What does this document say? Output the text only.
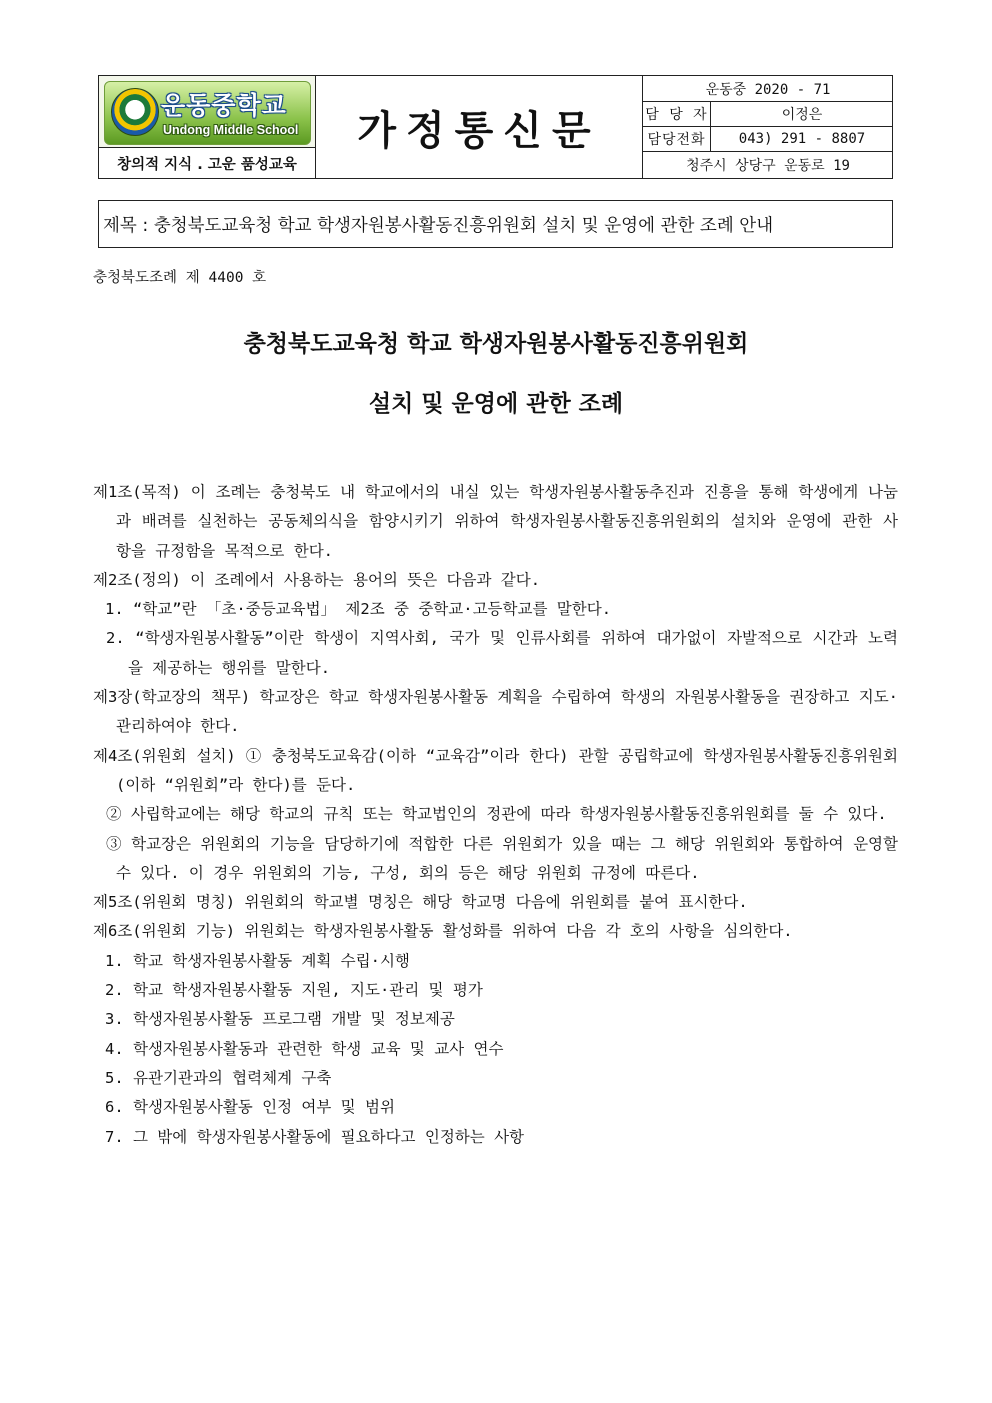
운동중학교
Undong Middle School
창의적 지식 . 고운 품성교육
가정통신문
운동중 2020 - 71
담 당 자	이정은
담당전화	043) 291 - 8807
청주시 상당구 운동로 19
제목 : 충청북도교육청 학교 학생자원봉사활동진흥위원회 설치 및 운영에 관한 조례 안내
충청북도조례 제 4400 호
충청북도교육청 학교 학생자원봉사활동진흥위원회
설치 및 운영에 관한 조례
제1조(목적) 이 조례는 충청북도 내 학교에서의 내실 있는 학생자원봉사활동추진과 진흥을 통해 학생에게 나눔과 배려를 실천하는 공동체의식을 함양시키기 위하여 학생자원봉사활동진흥위원회의 설치와 운영에 관한 사항을 규정함을 목적으로 한다.
제2조(정의) 이 조례에서 사용하는 용어의 뜻은 다음과 같다.
1. “학교”란 「초·중등교육법」 제2조 중 중학교·고등학교를 말한다.
2. “학생자원봉사활동”이란 학생이 지역사회, 국가 및 인류사회를 위하여 대가없이 자발적으로 시간과 노력을 제공하는 행위를 말한다.
제3장(학교장의 책무) 학교장은 학교 학생자원봉사활동 계획을 수립하여 학생의 자원봉사활동을 권장하고 지도·관리하여야 한다.
제4조(위원회 설치) ① 충청북도교육감(이하 “교육감”이라 한다) 관할 공립학교에 학생자원봉사활동진흥위원회(이하 “위원회”라 한다)를 둔다.
② 사립학교에는 해당 학교의 규칙 또는 학교법인의 정관에 따라 학생자원봉사활동진흥위원회를 둘 수 있다.
③ 학교장은 위원회의 기능을 담당하기에 적합한 다른 위원회가 있을 때는 그 해당 위원회와 통합하여 운영할 수 있다. 이 경우 위원회의 기능, 구성, 회의 등은 해당 위원회 규정에 따른다.
제5조(위원회 명칭) 위원회의 학교별 명칭은 해당 학교명 다음에 위원회를 붙여 표시한다.
제6조(위원회 기능) 위원회는 학생자원봉사활동 활성화를 위하여 다음 각 호의 사항을 심의한다.
1. 학교 학생자원봉사활동 계획 수립·시행
2. 학교 학생자원봉사활동 지원, 지도·관리 및 평가
3. 학생자원봉사활동 프로그램 개발 및 정보제공
4. 학생자원봉사활동과 관련한 학생 교육 및 교사 연수
5. 유관기관과의 협력체계 구축
6. 학생자원봉사활동 인정 여부 및 범위
7. 그 밖에 학생자원봉사활동에 필요하다고 인정하는 사항
